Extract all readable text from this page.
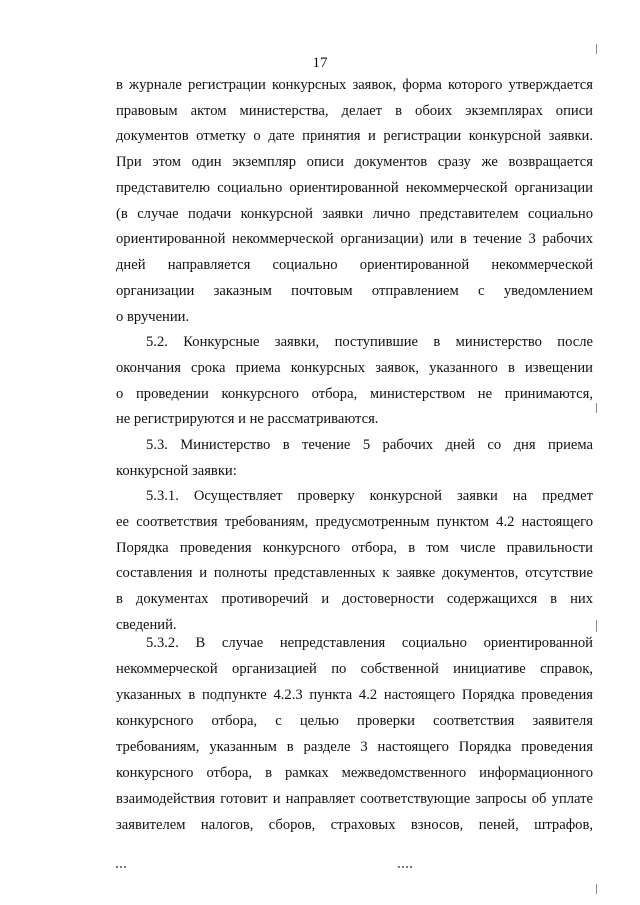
17
в журнале регистрации конкурсных заявок, форма которого утверждается
правовым актом министерства, делает в обоих экземплярах описи
документов отметку о дате принятия и регистрации конкурсной заявки.
При этом один экземпляр описи документов сразу же возвращается
представителю социально ориентированной некоммерческой организации
(в случае подачи конкурсной заявки лично представителем социально
ориентированной некоммерческой организации) или в течение 3 рабочих
дней направляется социально ориентированной некоммерческой
организации заказным почтовым отправлением с уведомлением
о вручении.
5.2. Конкурсные заявки, поступившие в министерство после
окончания срока приема конкурсных заявок, указанного в извещении
о проведении конкурсного отбора, министерством не принимаются,
не регистрируются и не рассматриваются.
5.3. Министерство в течение 5 рабочих дней со дня приема
конкурсной заявки:
5.3.1. Осуществляет проверку конкурсной заявки на предмет
ее соответствия требованиям, предусмотренным пунктом 4.2 настоящего
Порядка проведения конкурсного отбора, в том числе правильности
составления и полноты представленных к заявке документов, отсутствие
в документах противоречий и достоверности содержащихся в них
сведений.
5.3.2. В случае непредставления социально ориентированной
некоммерческой организацией по собственной инициативе справок,
указанных в подпункте 4.2.3 пункта 4.2 настоящего Порядка проведения
конкурсного отбора, с целью проверки соответствия заявителя
требованиям, указанным в разделе 3 настоящего Порядка проведения
конкурсного отбора, в рамках межведомственного информационного
взаимодействия готовит и направляет соответствующие запросы об уплате
заявителем налогов, сборов, страховых взносов, пеней, штрафов,
